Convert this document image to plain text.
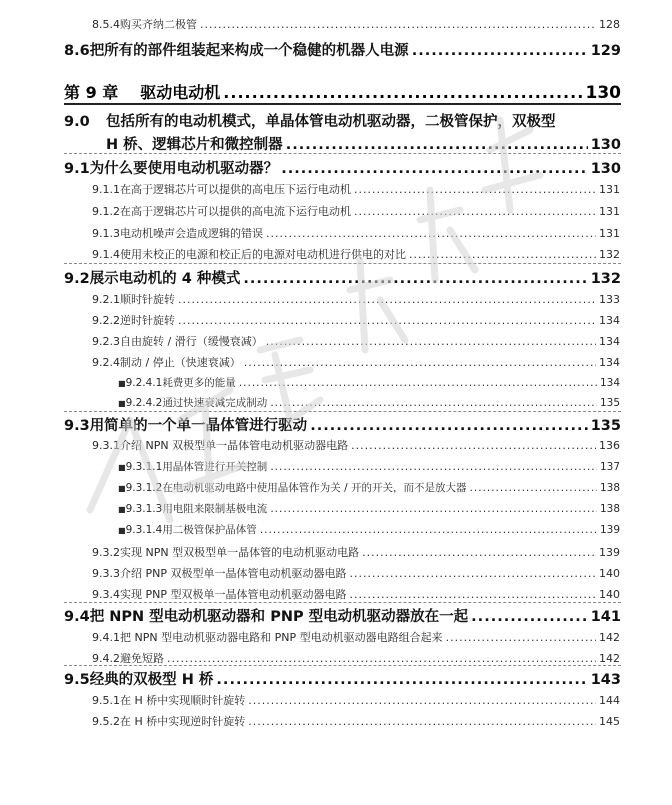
8.5.4 购买齐纳二极管 .....	128
8.6 把所有的部件组装起来构成一个稳健的机器人电源 .....	129
第 9 章 驱动电动机 .....	130
9.0	包括所有的电动机模式，单晶体管电动机驱动器，二极管保护，双极型
H 桥、逻辑芯片和微控制器 .....	130
9.1 为什么要使用电动机驱动器？ .....	130
9.1.1 在高于逻辑芯片可以提供的高电压下运行电动机 .....	131
9.1.2 在高于逻辑芯片可以提供的高电流下运行电动机 .....	131
9.1.3 电动机噪声会造成逻辑的错误 .....	131
9.1.4 使用未校正的电源和校正后的电源对电动机进行供电的对比 .....	132
9.2 展示电动机的 4 种模式 .....	132
9.2.1 顺时针旋转 .....	133
9.2.2 逆时针旋转 .....	134
9.2.3 自由旋转 / 滑行（缓慢衰减） .....	134
9.2.4 制动 / 停止（快速衰减） .....	134
■ 9.2.4.1 耗费更多的能量 .....	134
■ 9.2.4.2 通过快速衰减完成制动 .....	135
9.3 用简单的一个单一晶体管进行驱动 .....	135
9.3.1 介绍 NPN 双极型单一晶体管电动机驱动器电路 .....	136
■ 9.3.1.1 用晶体管进行开关控制 .....	137
■ 9.3.1.2 在电动机驱动电路中使用晶体管作为关 / 开的开关，而不是放大器 .....	138
■ 9.3.1.3 用电阻来限制基极电流 .....	138
■ 9.3.1.4 用二极管保护晶体管 .....	139
9.3.2 实现 NPN 型双极型单一晶体管的电动机驱动电路 .....	139
9.3.3 介绍 PNP 双极型单一晶体管电动机驱动器电路 .....	140
9.3.4 实现 PNP 型双极单一晶体管电动机驱动器电路 .....	140
9.4 把 NPN 型电动机驱动器和 PNP 型电动机驱动器放在一起 .....	141
9.4.1 把 NPN 型电动机驱动器电路和 PNP 型电动机驱动器电路组合起来 .....	142
9.4.2 避免短路 .....	142
9.5 经典的双极型 H 桥 .....	143
9.5.1 在 H 桥中实现顺时针旋转 .....	144
9.5.2 在 H 桥中实现逆时针旋转 .....	145
